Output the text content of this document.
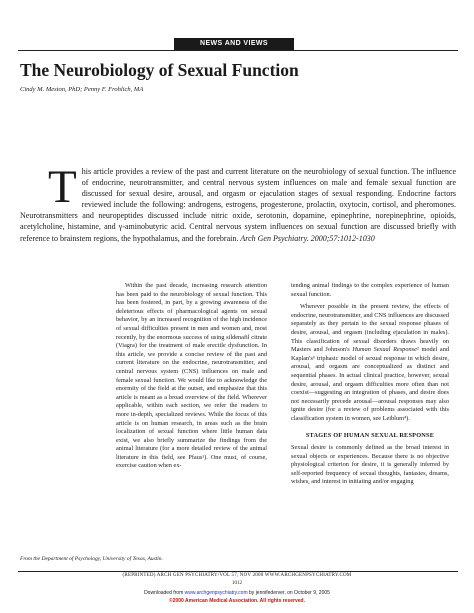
NEWS AND VIEWS
The Neurobiology of Sexual Function
Cindy M. Meston, PhD; Penny F. Frohlich, MA

This article provides a review of the past and current literature on the neurobiology of sexual function. The influence of endocrine, neurotransmitter, and central nervous system influences on male and female sexual function are discussed for sexual desire, arousal, and orgasm or ejaculation stages of sexual responding. Endocrine factors reviewed include the following: androgens, estrogens, progesterone, prolactin, oxytocin, cortisol, and pheromones. Neurotransmitters and neuropeptides discussed include nitric oxide, serotonin, dopamine, epinephrine, norepinephrine, opioids, acetylcholine, histamine, and γ-aminobutyric acid. Central nervous system influences on sexual function are discussed briefly with reference to brainstem regions, the hypothalamus, and the forebrain. Arch Gen Psychiatry. 2000;57:1012-1030

Within the past decade, increasing research attention has been paid to the neurobiology of sexual function. This has been fostered, in part, by a growing awareness of the deleterious effects of pharmacological agents on sexual behavior, by an increased recognition of the high incidence of sexual difficulties present in men and women and, most recently, by the enormous success of using sildenafil citrate (Viagra) for the treatment of male erectile dysfunction. In this article, we provide a concise review of the past and current literature on the endocrine, neurotransmitter, and central nervous system (CNS) influences on male and female sexual function. We would like to acknowledge the enormity of the field at the outset, and emphasize that this article is meant as a broad overview of the field. Wherever applicable, within each section, we refer the readers to more in-depth, specialized reviews. While the focus of this article is on human research, in areas such as the brain localization of sexual function where little human data exist, we also briefly summarize the findings from the animal literature (for a more detailed review of the animal literature in this field, see Pfaus¹). One must, of course, exercise caution when ex-

tending animal findings to the complex experience of human sexual function.

Wherever possible in the present review, the effects of endocrine, neurotransmitter, and CNS influences are discussed separately as they pertain to the sexual response phases of desire, arousal, and orgasm (including ejaculation in males). This classification of sexual disorders draws heavily on Masters and Johnson's Human Sexual Response² model and Kaplan's³ triphasic model of sexual response in which desire, arousal, and orgasm are conceptualized as distinct and sequential phases. In actual clinical practice, however, sexual desire, arousal, and orgasm difficulties more often than not coexist—suggesting an integration of phases, and desire does not necessarily precede arousal—arousal responses may also ignite desire (for a review of problems associated with this classification system in women, see Leiblum⁴).

STAGES OF HUMAN SEXUAL RESPONSE

Sexual desire is commonly defined as the broad interest in sexual objects or experiences. Because there is no objective physiological criterion for desire, it is generally inferred by self-reported frequency of sexual thoughts, fantasies, dreams, wishes, and interest in initiating and/or engaging

From the Department of Psychology, University of Texas, Austin.
(REPRINTED) ARCH GEN PSYCHIATRY/VOL 57, NOV 2000 WWW.ARCHGENPSYCHIATRY.COM
1012
Downloaded from www.archgenpsychiatry.com by jennifederver, on October 9, 2005
©2000 American Medical Association. All rights reserved.
